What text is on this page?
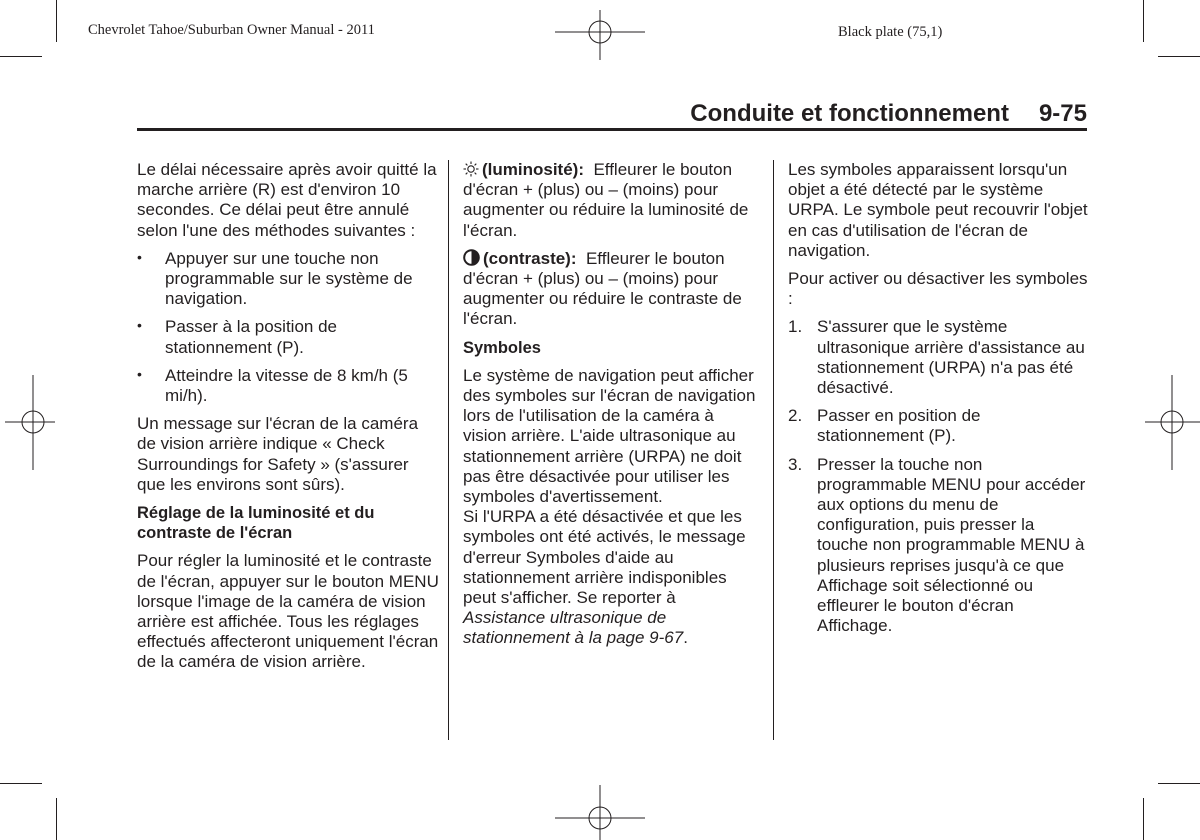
Chevrolet Tahoe/Suburban Owner Manual - 2011	Black plate (75,1)
Conduite et fonctionnement 9-75

Le délai nécessaire après avoir quitté la marche arrière (R) est d'environ 10 secondes. Ce délai peut être annulé selon l'une des méthodes suivantes :

• Appuyer sur une touche non programmable sur le système de navigation.
• Passer à la position de stationnement (P).
• Atteindre la vitesse de 8 km/h (5 mi/h).

Un message sur l'écran de la caméra de vision arrière indique « Check Surroundings for Safety » (s'assurer que les environs sont sûrs).

Réglage de la luminosité et du contraste de l'écran

Pour régler la luminosité et le contraste de l'écran, appuyer sur le bouton MENU lorsque l'image de la caméra de vision arrière est affichée. Tous les réglages effectués affecteront uniquement l'écran de la caméra de vision arrière.

(luminosité): Effleurer le bouton d'écran + (plus) ou – (moins) pour augmenter ou réduire la luminosité de l'écran.

(contraste): Effleurer le bouton d'écran + (plus) ou – (moins) pour augmenter ou réduire le contraste de l'écran.

Symboles

Le système de navigation peut afficher des symboles sur l'écran de navigation lors de l'utilisation de la caméra à vision arrière. L'aide ultrasonique au stationnement arrière (URPA) ne doit pas être désactivée pour utiliser les symboles d'avertissement.

Si l'URPA a été désactivée et que les symboles ont été activés, le message d'erreur Symboles d'aide au stationnement arrière indisponibles peut s'afficher. Se reporter à Assistance ultrasonique de stationnement à la page 9-67.

Les symboles apparaissent lorsqu'un objet a été détecté par le système URPA. Le symbole peut recouvrir l'objet en cas d'utilisation de l'écran de navigation.

Pour activer ou désactiver les symboles :

1. S'assurer que le système ultrasonique arrière d'assistance au stationnement (URPA) n'a pas été désactivé.
2. Passer en position de stationnement (P).
3. Presser la touche non programmable MENU pour accéder aux options du menu de configuration, puis presser la touche non programmable MENU à plusieurs reprises jusqu'à ce que Affichage soit sélectionné ou effleurer le bouton d'écran Affichage.
